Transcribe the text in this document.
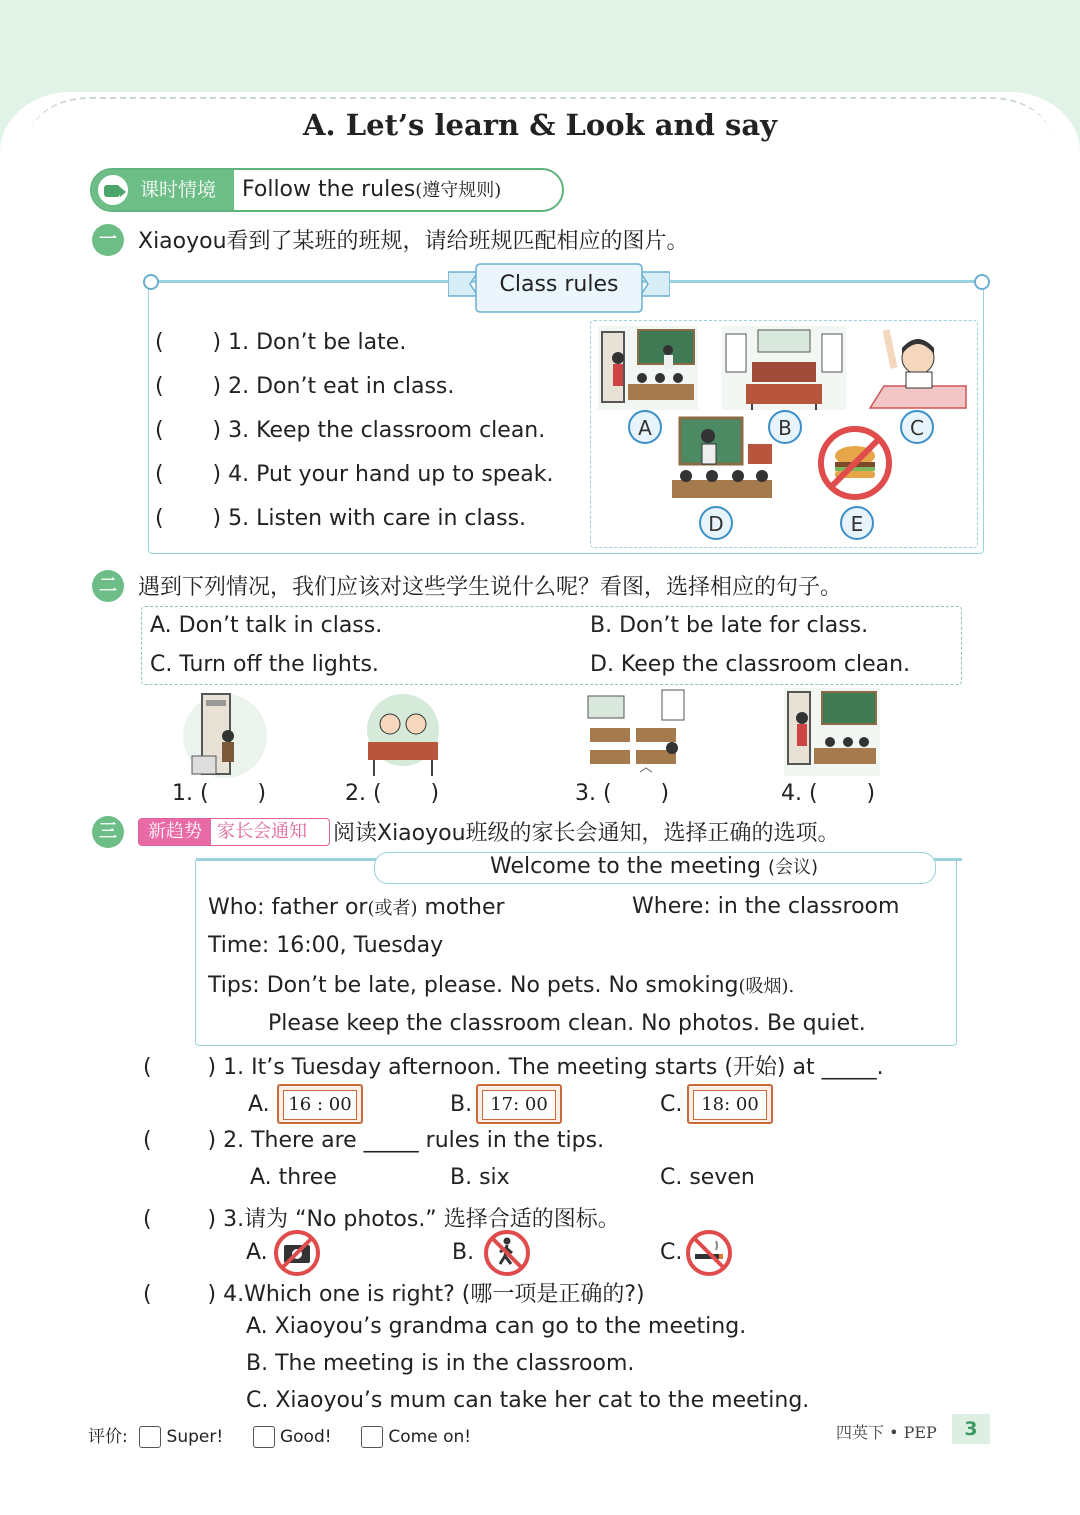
A. Let’s learn & Look and say
课时情境 Follow the rules(遵守规则)
一 Xiaoyou看到了某班的班规，请给班规匹配相应的图片。
Class rules
(       ) 1. Don’t be late.
(       ) 2. Don’t eat in class.
(       ) 3. Keep the classroom clean.
(       ) 4. Put your hand up to speak.
(       ) 5. Listen with care in class.
A	B	C
D	E
二 遇到下列情况，我们应该对这些学生说什么呢？看图，选择相应的句子。
A. Don’t talk in class.	B. Don’t be late for class.
C. Turn off the lights.	D. Keep the classroom clean.
1. (       )	2. (       )	3. (       )	4. (       )
三	新趋势 家长会通知 阅读Xiaoyou班级的家长会通知，选择正确的选项。
Welcome to the meeting (会议)
Who: father or(或者) mother	Where: in the classroom
Time: 16:00, Tuesday
Tips: Don’t be late, please. No pets. No smoking(吸烟).
Please keep the classroom clean. No photos. Be quiet.
(        ) 1. It’s Tuesday afternoon. The meeting starts (开始) at _____.
A. 16 : 00	B.	17: 00	C.	18: 00
(        ) 2. There are _____ rules in the tips.
A. three	B. six	C. seven
(        ) 3.请为 “No photos.” 选择合适的图标。
A.	B.	C.
(        ) 4.Which one is right? (哪一项是正确的?)
A. Xiaoyou’s grandma can go to the meeting.
B. The meeting is in the classroom.
C. Xiaoyou’s mum can take her cat to the meeting.
评价: Super!	Good!	Come on!	四英下 • PEP	3
